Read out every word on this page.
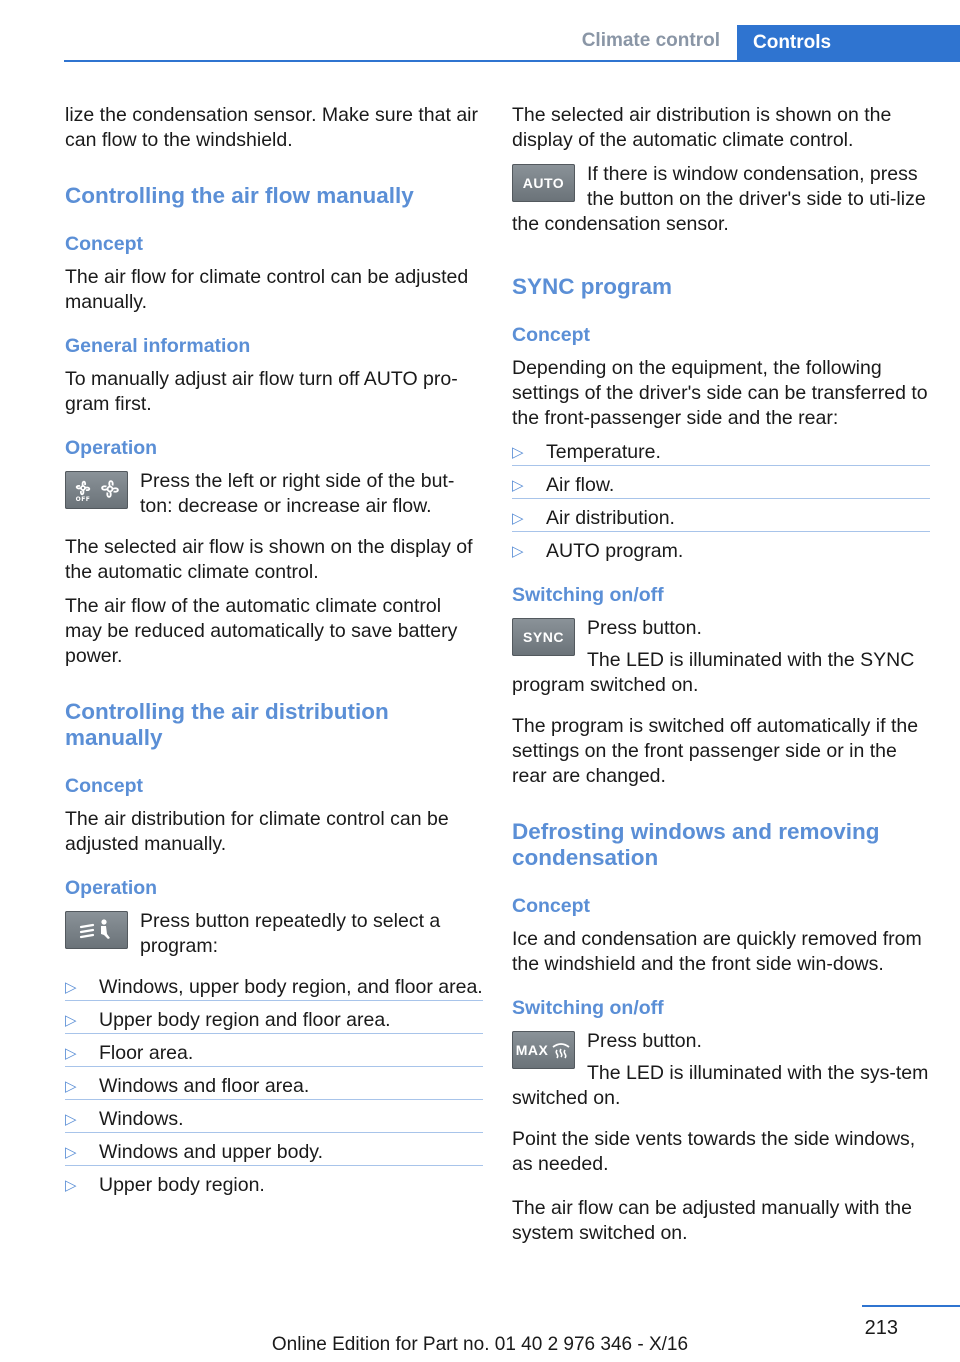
Climate control	Controls

lize the condensation sensor. Make sure that air can flow to the windshield.

Controlling the air flow manually
Concept

The air flow for climate control can be adjusted manually.

General information

To manually adjust air flow turn off AUTO pro-gram first.

Operation
OFF

Press the left or right side of the but-ton: decrease or increase air flow.

The selected air flow is shown on the display of the automatic climate control.

The air flow of the automatic climate control may be reduced automatically to save battery power.

Controlling the air distribution manually
Concept

The air distribution for climate control can be adjusted manually.

Operation

Press button repeatedly to select a program:

▷ Windows, upper body region, and floor area.
▷ Upper body region and floor area.
▷ Floor area.
▷ Windows and floor area.
▷ Windows.
▷ Windows and upper body.
▷ Upper body region.

The selected air distribution is shown on the display of the automatic climate control.

AUTO	If there is window condensation, press the button on the driver's side to uti-lize the condensation sensor.

SYNC program
Concept

Depending on the equipment, the following settings of the driver's side can be transferred to the front-passenger side and the rear:

▷ Temperature.
▷ Air flow.
▷ Air distribution.
▷ AUTO program.
Switching on/off
SYNC	Press button.

The LED is illuminated with the SYNC program switched on.

The program is switched off automatically if the settings on the front passenger side or in the rear are changed.

Defrosting windows and removing condensation
Concept

Ice and condensation are quickly removed from the windshield and the front side win-dows.

Switching on/off
MAX	Press button.

The LED is illuminated with the sys-tem switched on.

Point the side vents towards the side windows, as needed.

The air flow can be adjusted manually with the system switched on.

213
Online Edition for Part no. 01 40 2 976 346 - X/16
